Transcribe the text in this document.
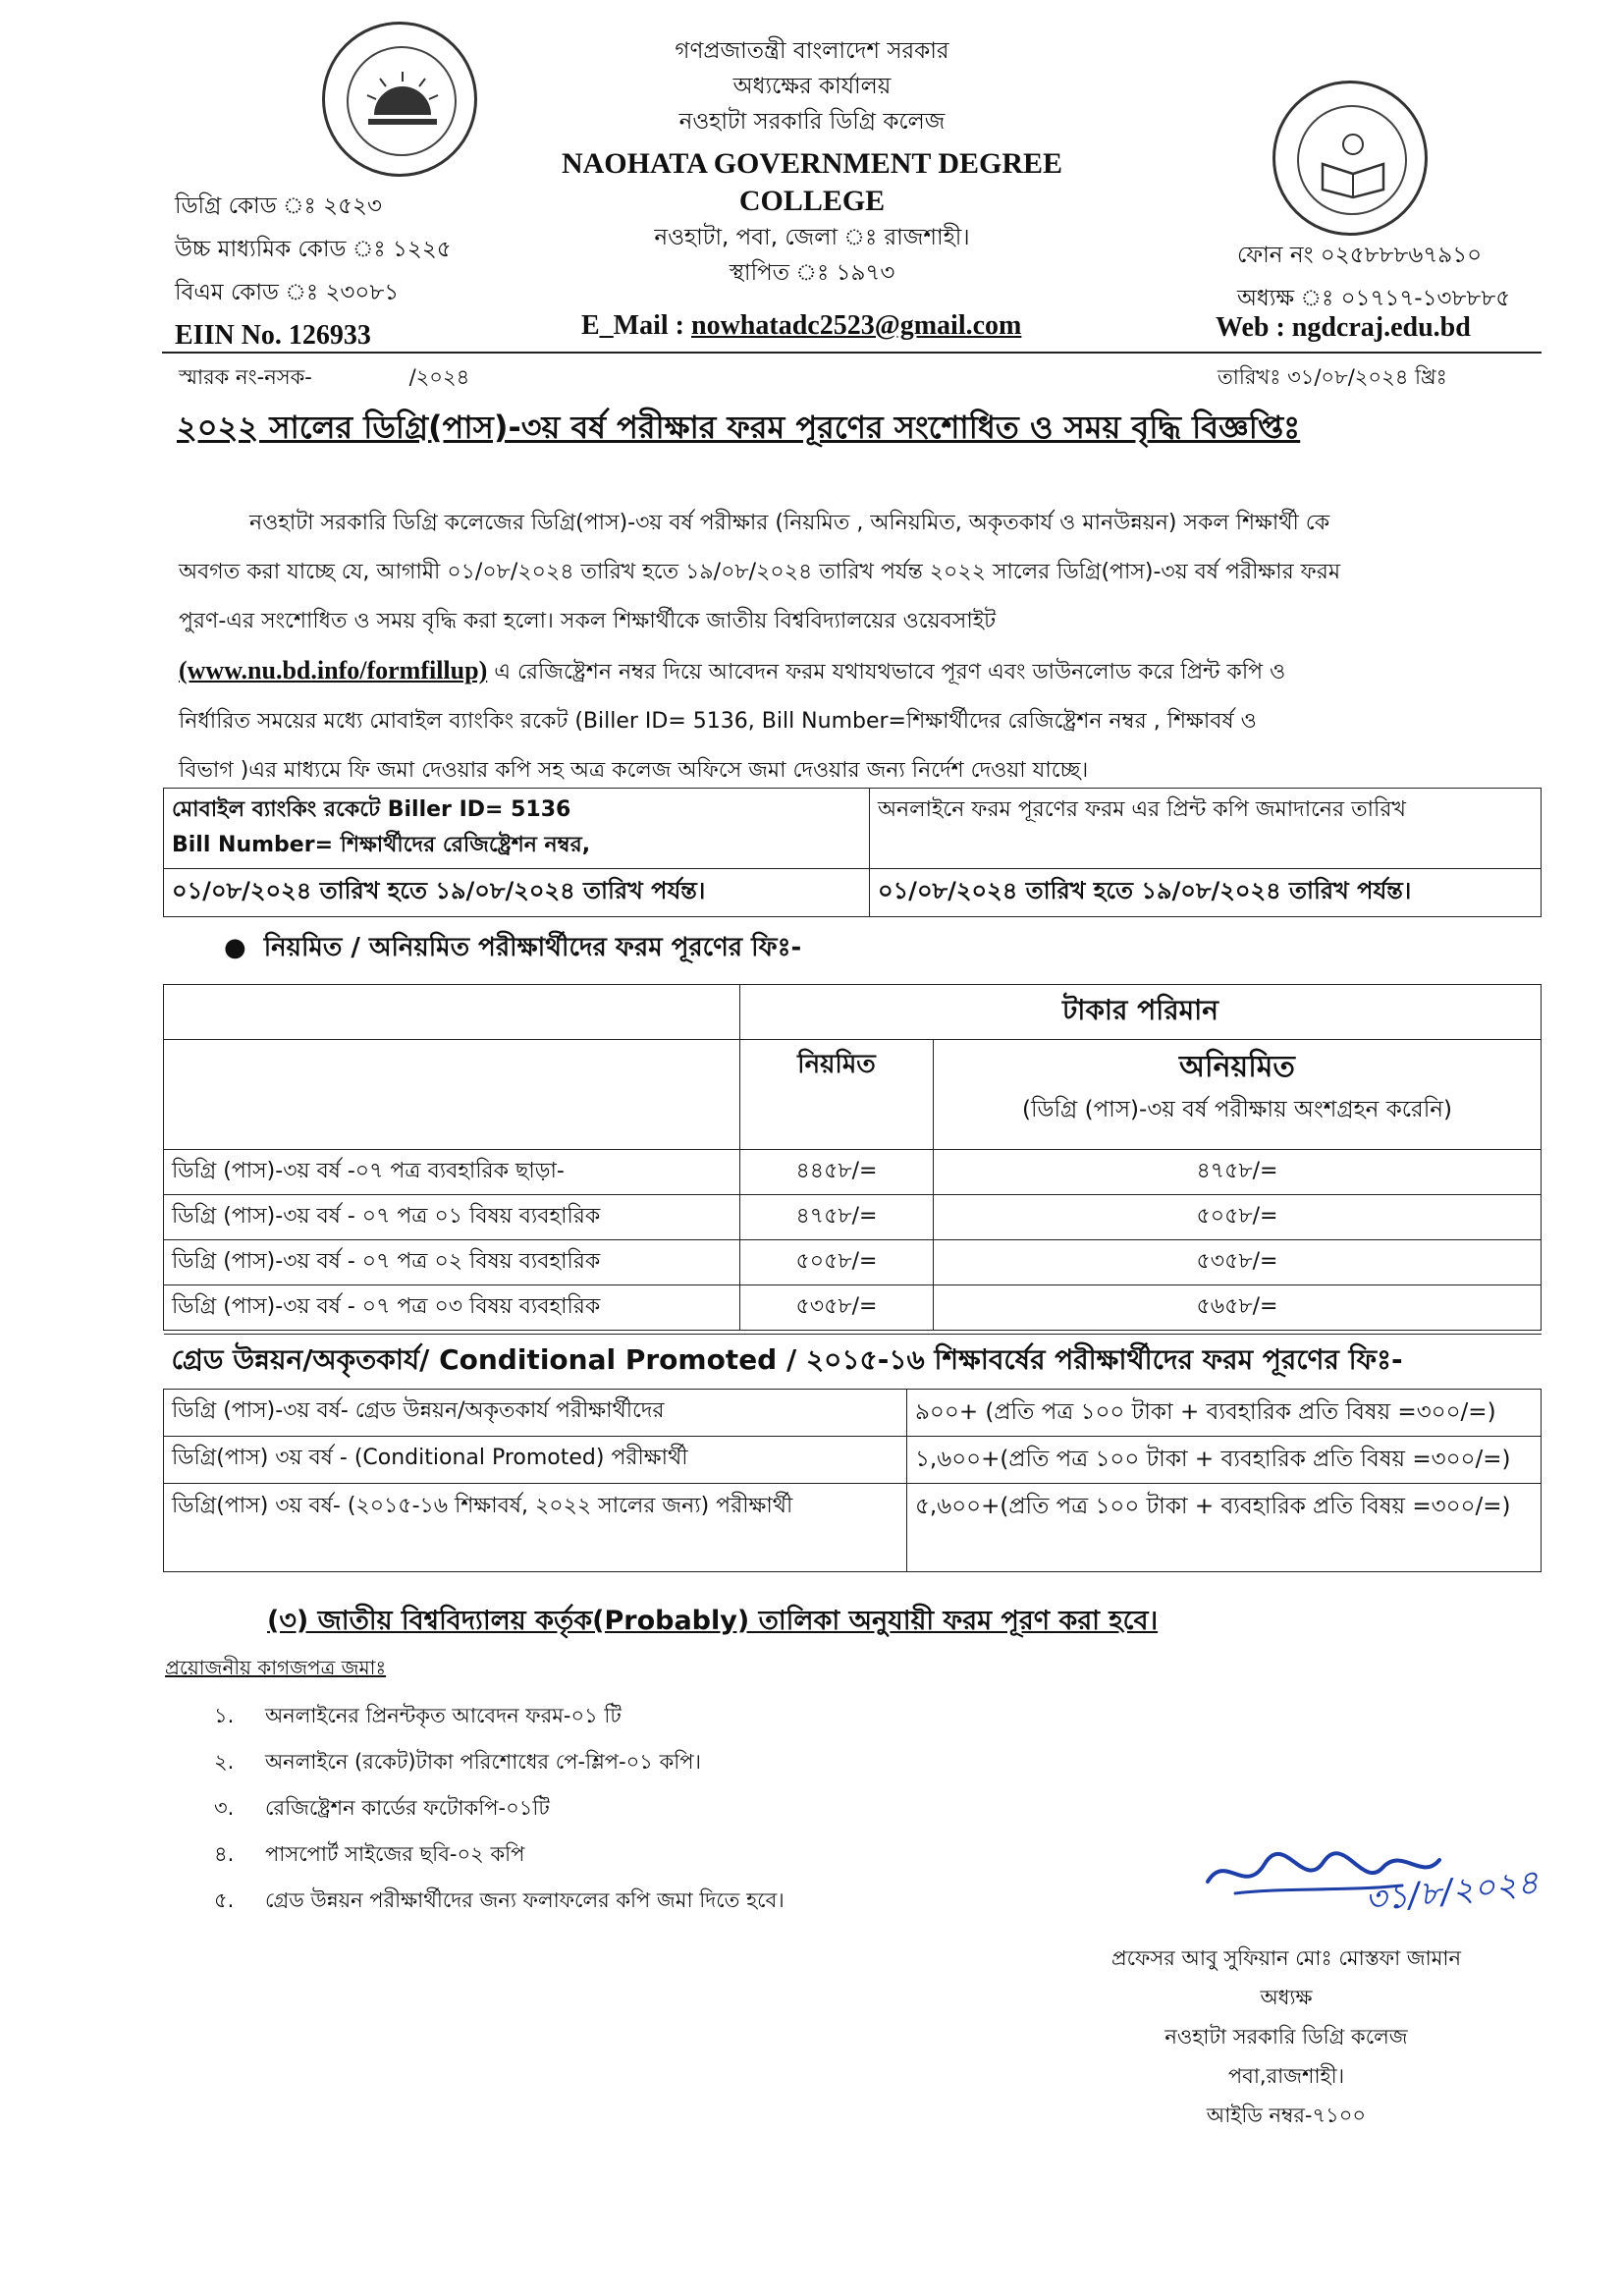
গণপ্রজাতন্ত্রী বাংলাদেশ সরকার
অধ্যক্ষের কার্যালয়
নওহাটা সরকারি ডিগ্রি কলেজ
NAOHATA GOVERNMENT DEGREE
COLLEGE
নওহাটা, পবা, জেলা ঃ রাজশাহী।
স্থাপিত ঃ ১৯৭৩
ডিগ্রি কোড ঃ ২৫২৩
উচ্চ মাধ্যমিক কোড ঃ ১২২৫
বিএম কোড ঃ ২৩০৮১
EIIN No. 126933	E_Mail : nowhatadc2523@gmail.com
ফোন নং ০২৫৮৮৮৬৭৯১০
অধ্যক্ষ ঃ ০১৭১৭-১৩৮৮৮৫
Web : ngdcraj.edu.bd
স্মারক নং-নসক-	/২০২৪	তারিখঃ ৩১/০৮/২০২৪ খ্রিঃ
২০২২ সালের ডিগ্রি(পাস)-৩য় বর্ষ পরীক্ষার ফরম পূরণের সংশোধিত ও সময় বৃদ্ধি বিজ্ঞপ্তিঃ
নওহাটা সরকারি ডিগ্রি কলেজের ডিগ্রি(পাস)-৩য় বর্ষ পরীক্ষার (নিয়মিত , অনিয়মিত, অকৃতকার্য ও মানউন্নয়ন) সকল শিক্ষার্থী কে
অবগত করা যাচ্ছে যে, আগামী ০১/০৮/২০২৪ তারিখ হতে ১৯/০৮/২০২৪ তারিখ পর্যন্ত ২০২২ সালের ডিগ্রি(পাস)-৩য় বর্ষ পরীক্ষার ফরম
পুরণ-এর সংশোধিত ও সময় বৃদ্ধি করা হলো। সকল শিক্ষার্থীকে জাতীয় বিশ্ববিদ্যালয়ের ওয়েবসাইট
(www.nu.bd.info/formfillup) এ রেজিষ্ট্রেশন নম্বর দিয়ে আবেদন ফরম যথাযথভাবে পূরণ এবং ডাউনলোড করে প্রিন্ট কপি ও
নির্ধারিত সময়ের মধ্যে মোবাইল ব্যাংকিং রকেট (Biller ID= 5136, Bill Number=শিক্ষার্থীদের রেজিষ্ট্রেশন নম্বর , শিক্ষাবর্ষ ও
বিভাগ )এর মাধ্যমে ফি জমা দেওয়ার কপি সহ অত্র কলেজ অফিসে জমা দেওয়ার জন্য নির্দেশ দেওয়া যাচ্ছে।
মোবাইল ব্যাংকিং রকেটে Biller ID= 5136
Bill Number= শিক্ষার্থীদের রেজিষ্ট্রেশন নম্বর,	অনলাইনে ফরম পূরণের ফরম এর প্রিন্ট কপি জমাদানের তারিখ

০১/০৮/২০২৪ তারিখ হতে ১৯/০৮/২০২৪ তারিখ পর্যন্ত।	০১/০৮/২০২৪ তারিখ হতে ১৯/০৮/২০২৪ তারিখ পর্যন্ত।
● নিয়মিত / অনিয়মিত পরীক্ষার্থীদের ফরম পূরণের ফিঃ-
	টাকার পরিমান	
	নিয়মিত	অনিয়মিত
(ডিগ্রি (পাস)-৩য় বর্ষ পরীক্ষায় অংশগ্রহন করেনি)

ডিগ্রি (পাস)-৩য় বর্ষ -০৭ পত্র ব্যবহারিক ছাড়া-	৪৪৫৮/=	৪৭৫৮/=
ডিগ্রি (পাস)-৩য় বর্ষ - ০৭ পত্র ০১ বিষয় ব্যবহারিক	৪৭৫৮/=	৫০৫৮/=
ডিগ্রি (পাস)-৩য় বর্ষ - ০৭ পত্র ০২ বিষয় ব্যবহারিক	৫০৫৮/=	৫৩৫৮/=
ডিগ্রি (পাস)-৩য় বর্ষ - ০৭ পত্র ০৩ বিষয় ব্যবহারিক	৫৩৫৮/=	৫৬৫৮/=
গ্রেড উন্নয়ন/অকৃতকার্য/ Conditional Promoted / ২০১৫-১৬ শিক্ষাবর্ষের পরীক্ষার্থীদের ফরম পূরণের ফিঃ-	
ডিগ্রি (পাস)-৩য় বর্ষ- গ্রেড উন্নয়ন/অকৃতকার্য পরীক্ষার্থীদের	৯০০+ (প্রতি পত্র ১০০ টাকা + ব্যবহারিক প্রতি বিষয় =৩০০/=)
ডিগ্রি(পাস) ৩য় বর্ষ - (Conditional Promoted) পরীক্ষার্থী	১,৬০০+(প্রতি পত্র ১০০ টাকা + ব্যবহারিক প্রতি বিষয় =৩০০/=)
ডিগ্রি(পাস) ৩য় বর্ষ- (২০১৫-১৬ শিক্ষাবর্ষ, ২০২২ সালের জন্য) পরীক্ষার্থী	৫,৬০০+(প্রতি পত্র ১০০ টাকা + ব্যবহারিক প্রতি বিষয় =৩০০/=)
(৩) জাতীয় বিশ্ববিদ্যালয় কর্তৃক(Probably) তালিকা অনুযায়ী ফরম পূরণ করা হবে।
প্রয়োজনীয় কাগজপত্র জমাঃ
১. অনলাইনের প্রিনন্টকৃত আবেদন ফরম-০১ টি
২. অনলাইনে (রকেট)টাকা পরিশোধের পে-শ্লিপ-০১ কপি।
৩. রেজিষ্ট্রেশন কার্ডের ফটোকপি-০১টি
৪. পাসপোর্ট সাইজের ছবি-০২ কপি
৫. গ্রেড উন্নয়ন পরীক্ষার্থীদের জন্য ফলাফলের কপি জমা দিতে হবে।	৩১/৮/২০২৪
প্রফেসর আবু সুফিয়ান মোঃ মোস্তফা জামান
অধ্যক্ষ
নওহাটা সরকারি ডিগ্রি কলেজ
পবা,রাজশাহী।
আইডি নম্বর-৭১০০
